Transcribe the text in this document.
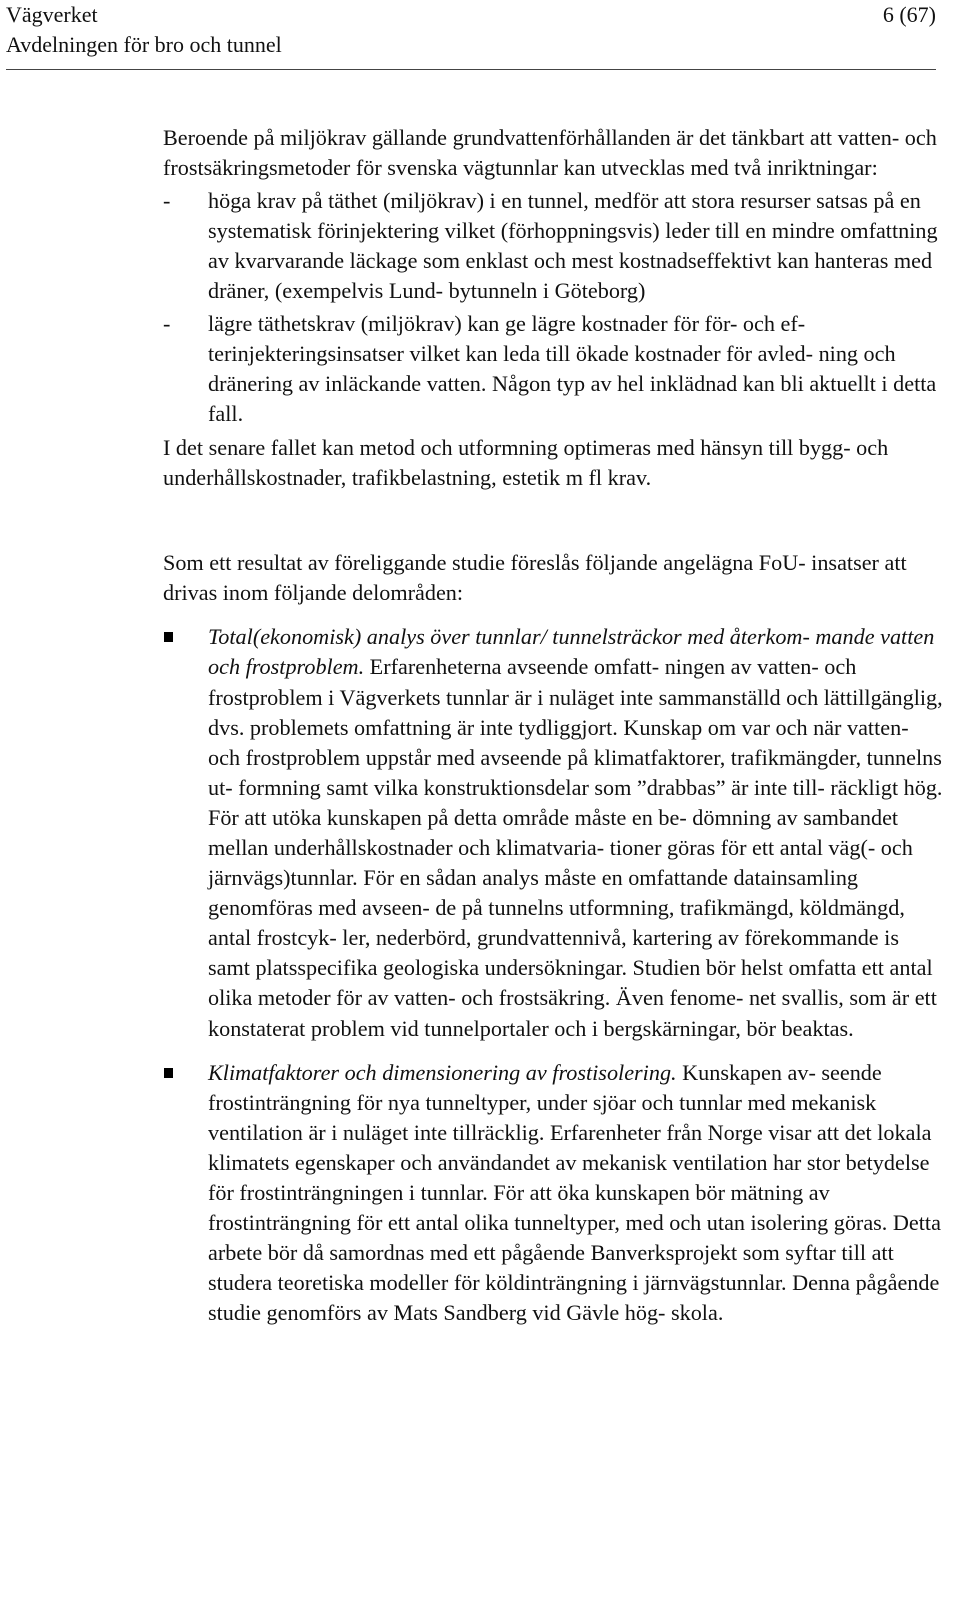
Vägverket
Avdelningen för bro och tunnel
6 (67)

Beroende på miljökrav gällande grundvattenförhållanden är det tänkbart att vatten- och frostsäkringsmetoder för svenska vägtunnlar kan utvecklas med två inriktningar:

- höga krav på täthet (miljökrav) i en tunnel, medför att stora resurser satsas på en systematisk förinjektering vilket (förhoppningsvis) leder till en mindre omfattning av kvarvarande läckage som enklast och mest kostnadseffektivt kan hanteras med dräner, (exempelvis Lund- bytunneln i Göteborg)
- lägre täthetskrav (miljökrav) kan ge lägre kostnader för för- och ef- terinjekteringsinsatser vilket kan leda till ökade kostnader för avled- ning och dränering av inläckande vatten. Någon typ av hel inklädnad kan bli aktuellt i detta fall.

I det senare fallet kan metod och utformning optimeras med hänsyn till bygg- och underhållskostnader, trafikbelastning, estetik m fl krav.

Som ett resultat av föreliggande studie föreslås följande angelägna FoU- insatser att drivas inom följande delområden:

Total(ekonomisk) analys över tunnlar/ tunnelsträckor med återkom- mande vatten och frostproblem. Erfarenheterna avseende omfatt- ningen av vatten- och frostproblem i Vägverkets tunnlar är i nuläget inte sammanställd och lättillgänglig, dvs. problemets omfattning är inte tydliggjort. Kunskap om var och när vatten- och frostproblem uppstår med avseende på klimatfaktorer, trafikmängder, tunnelns ut- formning samt vilka konstruktionsdelar som ”drabbas” är inte till- räckligt hög. För att utöka kunskapen på detta område måste en be- dömning av sambandet mellan underhållskostnader och klimatvaria- tioner göras för ett antal väg(- och järnvägs)tunnlar. För en sådan analys måste en omfattande datainsamling genomföras med avseen- de på tunnelns utformning, trafikmängd, köldmängd, antal frostcyk- ler, nederbörd, grundvattennivå, kartering av förekommande is samt platsspecifika geologiska undersökningar. Studien bör helst omfatta ett antal olika metoder för av vatten- och frostsäkring. Även fenome- net svallis, som är ett konstaterat problem vid tunnelportaler och i bergskärningar, bör beaktas.
Klimatfaktorer och dimensionering av frostisolering. Kunskapen av- seende frostinträngning för nya tunneltyper, under sjöar och tunnlar med mekanisk ventilation är i nuläget inte tillräcklig. Erfarenheter från Norge visar att det lokala klimatets egenskaper och användandet av mekanisk ventilation har stor betydelse för frostinträngningen i tunnlar. För att öka kunskapen bör mätning av frostinträngning för ett antal olika tunneltyper, med och utan isolering göras. Detta arbete bör då samordnas med ett pågående Banverksprojekt som syftar till att studera teoretiska modeller för köldinträngning i järnvägstunnlar. Denna pågående studie genomförs av Mats Sandberg vid Gävle hög- skola.
